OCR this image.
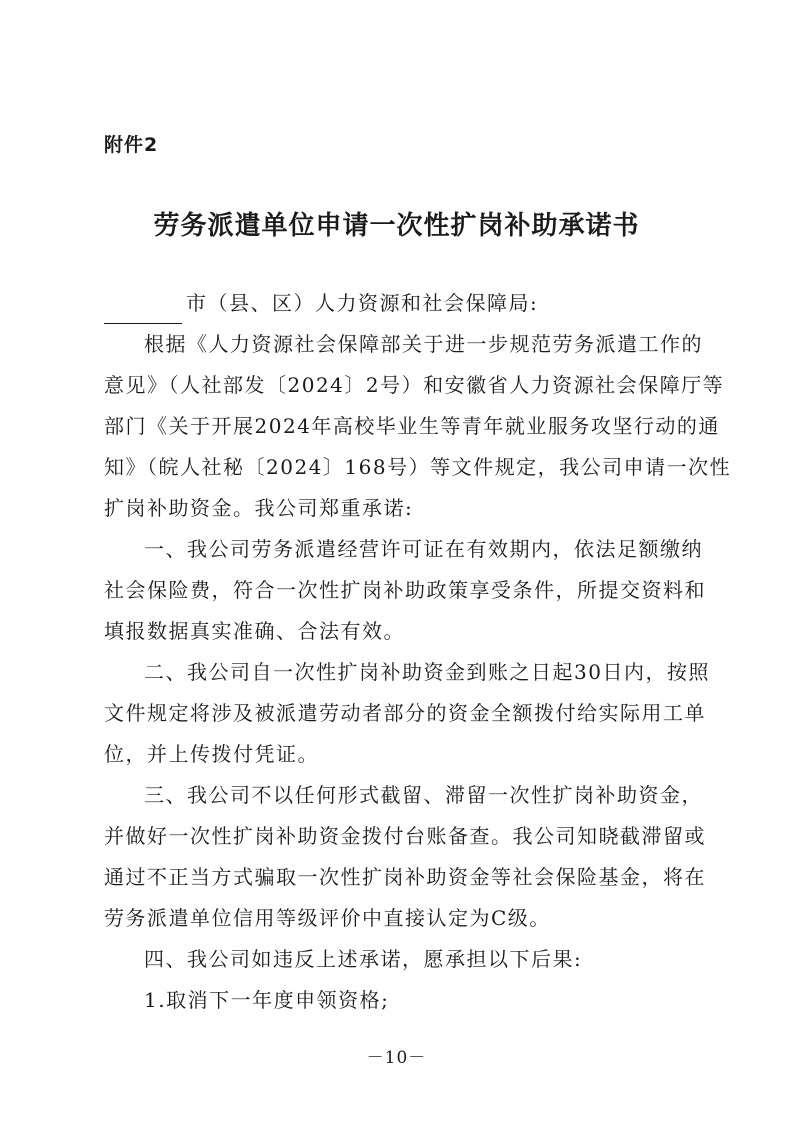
附件2
劳务派遣单位申请一次性扩岗补助承诺书
市（县、区）人力资源和社会保障局:

根据《人力资源社会保障部关于进一步规范劳务派遣工作的
意见》（人社部发〔2024〕2号）和安徽省人力资源社会保障厅等
部门《关于开展2024年高校毕业生等青年就业服务攻坚行动的通
知》（皖人社秘〔2024〕168号）等文件规定，我公司申请一次性
扩岗补助资金。我公司郑重承诺:

一、我公司劳务派遣经营许可证在有效期内，依法足额缴纳
社会保险费，符合一次性扩岗补助政策享受条件，所提交资料和
填报数据真实准确、合法有效。

二、我公司自一次性扩岗补助资金到账之日起30日内，按照
文件规定将涉及被派遣劳动者部分的资金全额拨付给实际用工单
位，并上传拨付凭证。

三、我公司不以任何形式截留、滞留一次性扩岗补助资金，
并做好一次性扩岗补助资金拨付台账备查。我公司知晓截滞留或
通过不正当方式骗取一次性扩岗补助资金等社会保险基金，将在
劳务派遣单位信用等级评价中直接认定为C级。

四、我公司如违反上述承诺，愿承担以下后果:

1.取消下一年度申领资格;

－10－
